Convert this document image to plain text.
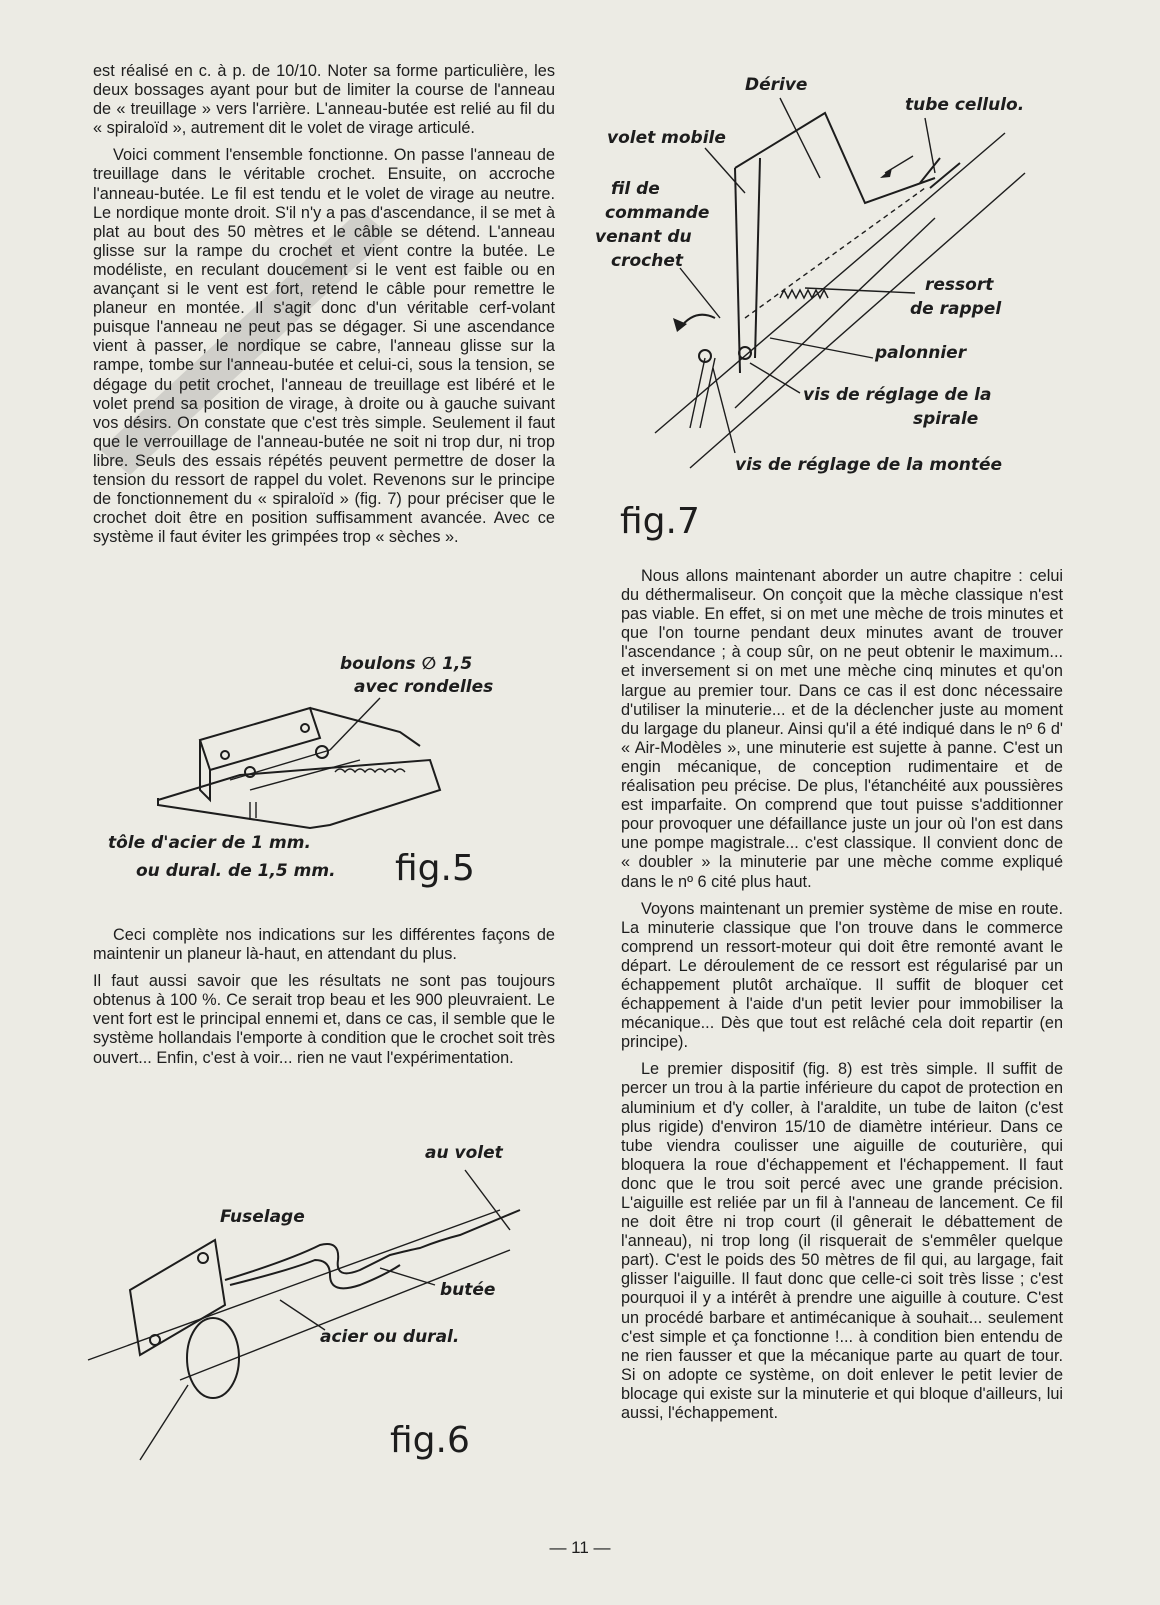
est réalisé en c. à p. de 10/10. Noter sa forme particulière, les deux bossages ayant pour but de limiter la course de l'anneau de « treuillage » vers l'arrière. L'anneau-butée est relié au fil du « spiraloïd », autrement dit le volet de virage articulé.

Voici comment l'ensemble fonctionne. On passe l'anneau de treuillage dans le véritable crochet. Ensuite, on accroche l'anneau-butée. Le fil est tendu et le volet de virage au neutre. Le nordique monte droit. S'il n'y a pas d'ascendance, il se met à plat au bout des 50 mètres et le câble se détend. L'anneau glisse sur la rampe du crochet et vient contre la butée. Le modéliste, en reculant doucement si le vent est faible ou en avançant si le vent est fort, retend le câble pour remettre le planeur en montée. Il s'agit donc d'un véritable cerf-volant puisque l'anneau ne peut pas se dégager. Si une ascendance vient à passer, le nordique se cabre, l'anneau glisse sur la rampe, tombe sur l'anneau-butée et celui-ci, sous la tension, se dégage du petit crochet, l'anneau de treuillage est libéré et le volet prend sa position de virage, à droite ou à gauche suivant vos désirs. On constate que c'est très simple. Seulement il faut que le verrouillage de l'anneau-butée ne soit ni trop dur, ni trop libre. Seuls des essais répétés peuvent permettre de doser la tension du ressort de rappel du volet. Revenons sur le principe de fonctionnement du « spiraloïd » (fig. 7) pour préciser que le crochet doit être en position suffisamment avancée. Avec ce système il faut éviter les grimpées trop « sèches ».

boulons ∅ 1,5
avec rondelles
tôle d'acier de 1 mm.
ou dural. de 1,5 mm. fig.5

Ceci complète nos indications sur les différentes façons de maintenir un planeur là-haut, en attendant du plus.

Il faut aussi savoir que les résultats ne sont pas toujours obtenus à 100 %. Ce serait trop beau et les 900 pleuvraient. Le vent fort est le principal ennemi et, dans ce cas, il semble que le système hollandais l'emporte à condition que le crochet soit très ouvert... Enfin, c'est à voir... rien ne vaut l'expérimentation.

au volet
Fuselage
butée
acier ou dural.
fig.6
Dérive
tube cellulo.
volet mobile
fil de
commande
venant du
crochet
ressort
de rappel
palonnier
vis de réglage de la
spirale
vis de réglage de la montée
fig.7

Nous allons maintenant aborder un autre chapitre : celui du déthermaliseur. On conçoit que la mèche classique n'est pas viable. En effet, si on met une mèche de trois minutes et que l'on tourne pendant deux minutes avant de trouver l'ascendance ; à coup sûr, on ne peut obtenir le maximum... et inversement si on met une mèche cinq minutes et qu'on largue au premier tour. Dans ce cas il est donc nécessaire d'utiliser la minuterie... et de la déclencher juste au moment du largage du planeur. Ainsi qu'il a été indiqué dans le nº 6 d' « Air-Modèles », une minuterie est sujette à panne. C'est un engin mécanique, de conception rudimentaire et de réalisation peu précise. De plus, l'étanchéité aux poussières est imparfaite. On comprend que tout puisse s'additionner pour provoquer une défaillance juste un jour où l'on est dans une pompe magistrale... c'est classique. Il convient donc de « doubler » la minuterie par une mèche comme expliqué dans le nº 6 cité plus haut.

Voyons maintenant un premier système de mise en route. La minuterie classique que l'on trouve dans le commerce comprend un ressort-moteur qui doit être remonté avant le départ. Le déroulement de ce ressort est régularisé par un échappement plutôt archaïque. Il suffit de bloquer cet échappement à l'aide d'un petit levier pour immobiliser la mécanique... Dès que tout est relâché cela doit repartir (en principe).

Le premier dispositif (fig. 8) est très simple. Il suffit de percer un trou à la partie inférieure du capot de protection en aluminium et d'y coller, à l'araldite, un tube de laiton (c'est plus rigide) d'environ 15/10 de diamètre intérieur. Dans ce tube viendra coulisser une aiguille de couturière, qui bloquera la roue d'échappement et l'échappement. Il faut donc que le trou soit percé avec une grande précision. L'aiguille est reliée par un fil à l'anneau de lancement. Ce fil ne doit être ni trop court (il gênerait le débattement de l'anneau), ni trop long (il risquerait de s'emmêler quelque part). C'est le poids des 50 mètres de fil qui, au largage, fait glisser l'aiguille. Il faut donc que celle-ci soit très lisse ; c'est pourquoi il y a intérêt à prendre une aiguille à couture. C'est un procédé barbare et antimécanique à souhait... seulement c'est simple et ça fonctionne !... à condition bien entendu de ne rien fausser et que la mécanique parte au quart de tour. Si on adopte ce système, on doit enlever le petit levier de blocage qui existe sur la minuterie et qui bloque d'ailleurs, lui aussi, l'échappement.

— 11 —
